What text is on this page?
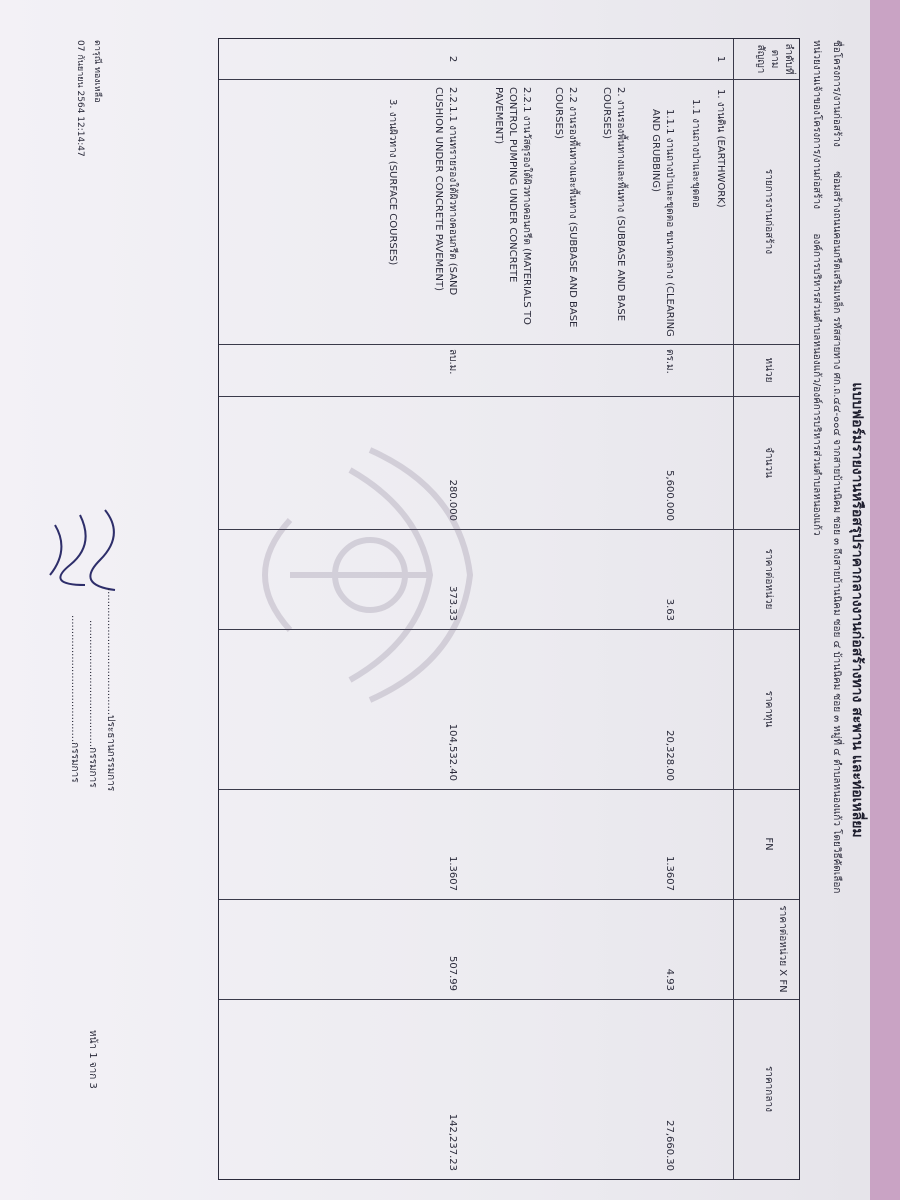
แบบฟอร์มรายงานหรือสรุปราคากลางงานก่อสร้างทาง สะพาน และท่อเหลี่ยม
ชื่อโครงการ/งานก่อสร้าง  ซ่อมสร้างถนนคอนกรีตเสริมเหล็ก รหัสสายทาง ศก.ถ.๔๔-๐๐๔ จากสายบ้านนิคม ซอย ๓ ถึงสายบ้านนิคม ซอย ๔ บ้านนิคม ซอย ๓ หมู่ที่ ๔ ตำบลหนองแก้ว โดยวิธีคัดเลือก
หน่วยงานเจ้าของโครงการ/งานก่อสร้าง  องค์การบริหารส่วนตำบลหนองแก้ว/องค์การบริหารส่วนตำบลหนองแก้ว
ลำดับที่ ตามสัญญา
รายการงานก่อสร้าง
หน่วย
จำนวน
ราคาต่อหน่วย
ราคาทุน
FN
ราคาต่อหน่วย X FN
ราคากลาง
1
1. งานดิน (EARTHWORK)
1.1 งานถางป่าและขุดตอ
1.1.1 งานถางป่าและขุดตอ ขนาดกลาง (CLEARING AND GRUBBING)
ตร.ม.
5,600.000
3.63
20,328.00
1.3607
4.93
27,660.30
2. งานรองพื้นทางและพื้นทาง (SUBBASE AND BASE COURSES)
2.2 งานรองพื้นทางและพื้นทาง (SUBBASE AND BASE COURSES)
2.2.1 งานวัสดุรองใต้ผิวทางคอนกรีต (MATERIALS TO CONTROL PUMPING UNDER CONCRETE PAVEMENT)
2
2.2.1.1 งานทรายรองใต้ผิวทางคอนกรีต (SAND CUSHION UNDER CONCRETE PAVEMENT)
ลบ.ม.
280.000
373.33
104,532.40
1.3607
507.99
142,237.23
3. งานผิวทาง (SURFACE COURSES)
........................................ประธานกรรมการ
........................................กรรมการ
........................................กรรมการ
ดารุณี ทองเหลือ
07 กันยายน 2564 12:14:47
หน้า 1 จาก 3
